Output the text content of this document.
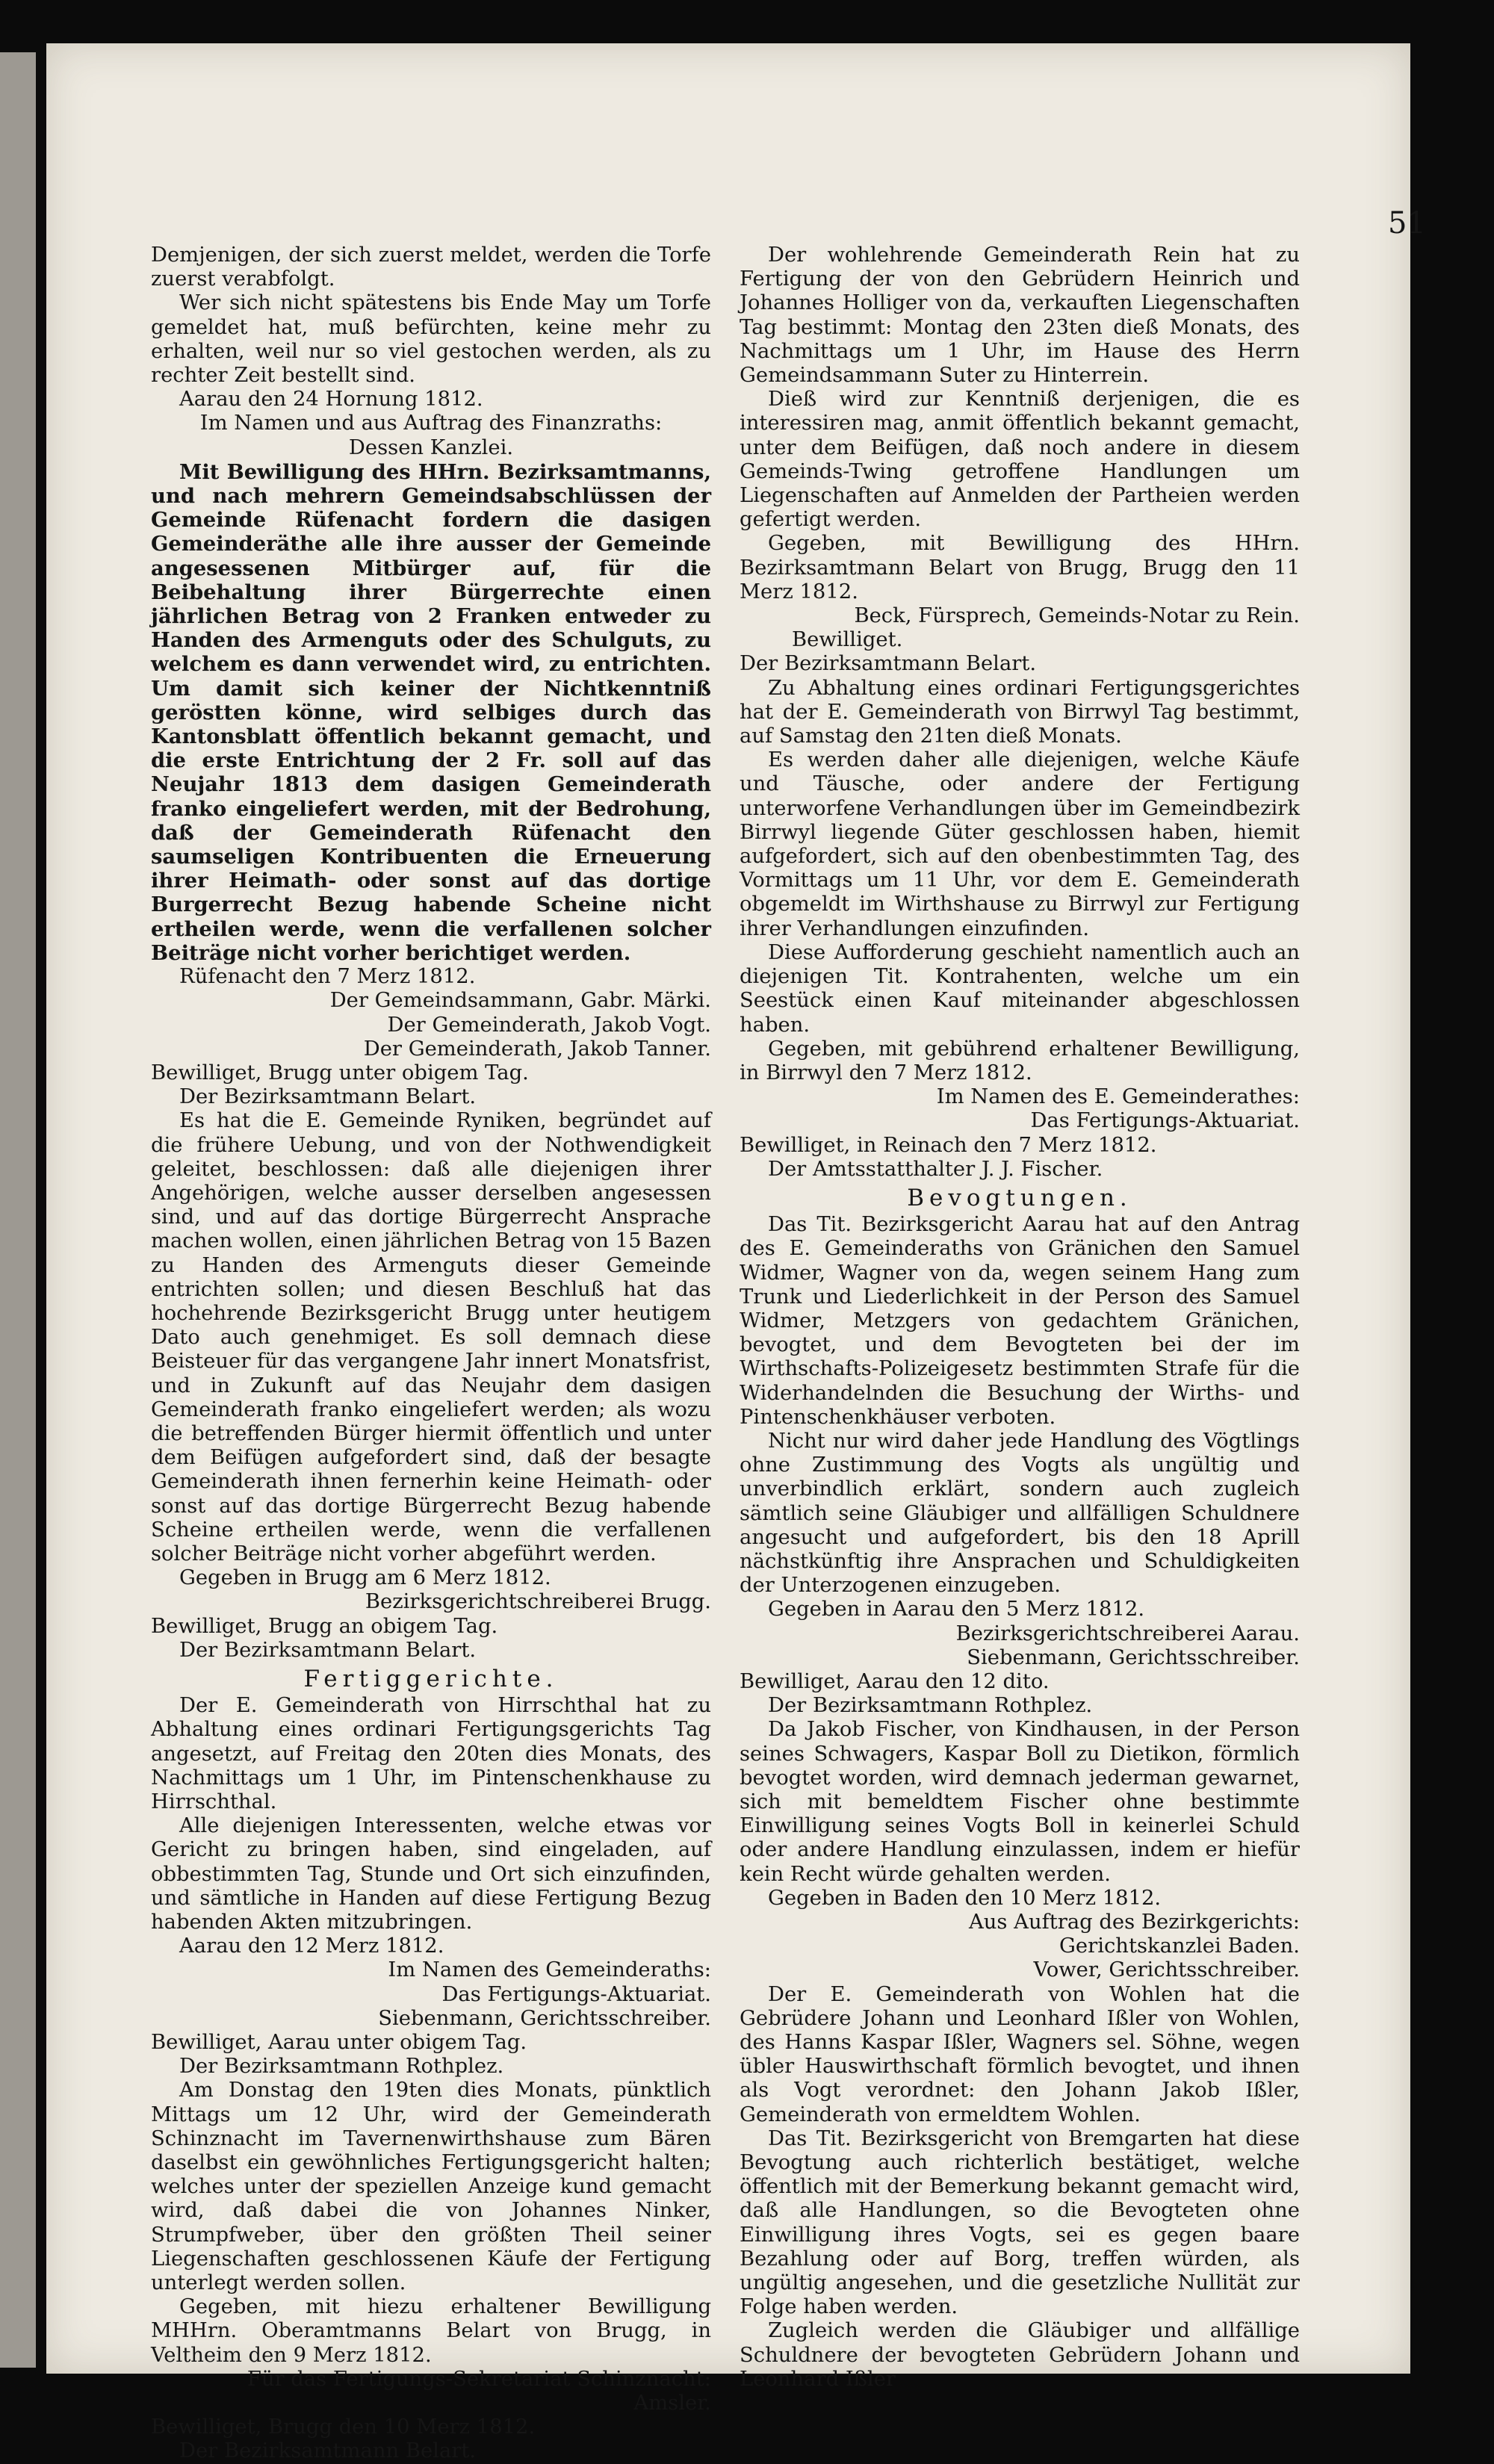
51

Demjenigen, der sich zuerst meldet, werden die Torfe zuerst verabfolgt.

Wer sich nicht spätestens bis Ende May um Torfe gemeldet hat, muß befürchten, keine mehr zu erhalten, weil nur so viel gestochen werden, als zu rechter Zeit bestellt sind.

Aarau den 24 Hornung 1812.

Im Namen und aus Auftrag des Finanzraths:

Dessen Kanzlei.

Mit Bewilligung des HHrn. Bezirksamtmanns, und nach mehrern Gemeindsabschlüssen der Gemeinde Rüfenacht fordern die dasigen Gemeinderäthe alle ihre ausser der Gemeinde angesessenen Mitbürger auf, für die Beibehaltung ihrer Bürgerrechte einen jährlichen Betrag von 2 Franken entweder zu Handen des Armenguts oder des Schulguts, zu welchem es dann verwendet wird, zu entrichten. Um damit sich keiner der Nichtkenntniß geröstten könne, wird selbiges durch das Kantonsblatt öffentlich bekannt gemacht, und die erste Entrichtung der 2 Fr. soll auf das Neujahr 1813 dem dasigen Gemeinderath franko eingeliefert werden, mit der Bedrohung, daß der Gemeinderath Rüfenacht den saumseligen Kontribuenten die Erneuerung ihrer Heimath- oder sonst auf das dortige Burgerrecht Bezug habende Scheine nicht ertheilen werde, wenn die verfallenen solcher Beiträge nicht vorher berichtiget werden.

Rüfenacht den 7 Merz 1812.

Der Gemeindsammann, Gabr. Märki.

Der Gemeinderath, Jakob Vogt.

Der Gemeinderath, Jakob Tanner.

Bewilliget, Brugg unter obigem Tag.

Der Bezirksamtmann Belart.

Es hat die E. Gemeinde Ryniken, begründet auf die frühere Uebung, und von der Nothwendigkeit geleitet, beschlossen: daß alle diejenigen ihrer Angehörigen, welche ausser derselben angesessen sind, und auf das dortige Bürgerrecht Ansprache machen wollen, einen jährlichen Betrag von 15 Bazen zu Handen des Armenguts dieser Gemeinde entrichten sollen; und diesen Beschluß hat das hochehrende Bezirksgericht Brugg unter heutigem Dato auch genehmiget. Es soll demnach diese Beisteuer für das vergangene Jahr innert Monatsfrist, und in Zukunft auf das Neujahr dem dasigen Gemeinderath franko eingeliefert werden; als wozu die betreffenden Bürger hiermit öffentlich und unter dem Beifügen aufgefordert sind, daß der besagte Gemeinderath ihnen fernerhin keine Heimath- oder sonst auf das dortige Bürgerrecht Bezug habende Scheine ertheilen werde, wenn die verfallenen solcher Beiträge nicht vorher abgeführt werden.

Gegeben in Brugg am 6 Merz 1812.

Bezirksgerichtschreiberei Brugg.

Bewilliget, Brugg an obigem Tag.

Der Bezirksamtmann Belart.

Fertiggerichte.

Der E. Gemeinderath von Hirrschthal hat zu Abhaltung eines ordinari Fertigungsgerichts Tag angesetzt, auf Freitag den 20ten dies Monats, des Nachmittags um 1 Uhr, im Pintenschenkhause zu Hirrschthal.

Alle diejenigen Interessenten, welche etwas vor Gericht zu bringen haben, sind eingeladen, auf obbestimmten Tag, Stunde und Ort sich einzufinden, und sämtliche in Handen auf diese Fertigung Bezug habenden Akten mitzubringen.

Aarau den 12 Merz 1812.

Im Namen des Gemeinderaths:

Das Fertigungs-Aktuariat.

Siebenmann, Gerichtsschreiber.

Bewilliget, Aarau unter obigem Tag.

Der Bezirksamtmann Rothplez.

Am Donstag den 19ten dies Monats, pünktlich Mittags um 12 Uhr, wird der Gemeinderath Schinznacht im Tavernenwirthshause zum Bären daselbst ein gewöhnliches Fertigungsgericht halten; welches unter der speziellen Anzeige kund gemacht wird, daß dabei die von Johannes Ninker, Strumpfweber, über den größten Theil seiner Liegenschaften geschlossenen Käufe der Fertigung unterlegt werden sollen.

Gegeben, mit hiezu erhaltener Bewilligung MHHrn. Oberamtmanns Belart von Brugg, in Veltheim den 9 Merz 1812.

Für das Fertigungs-Sekretariat Schinznacht:

Amsler.

Bewilliget, Brugg den 10 Merz 1812.

Der Bezirksamtmann Belart.

Der wohlehrende Gemeinderath Rein hat zu Fertigung der von den Gebrüdern Heinrich und Johannes Holliger von da, verkauften Liegenschaften Tag bestimmt: Montag den 23ten dieß Monats, des Nachmittags um 1 Uhr, im Hause des Herrn Gemeindsammann Suter zu Hinterrein.

Dieß wird zur Kenntniß derjenigen, die es interessiren mag, anmit öffentlich bekannt gemacht, unter dem Beifügen, daß noch andere in diesem Gemeinds-Twing getroffene Handlungen um Liegenschaften auf Anmelden der Partheien werden gefertigt werden.

Gegeben, mit Bewilligung des HHrn. Bezirksamtmann Belart von Brugg, Brugg den 11 Merz 1812.

Beck, Fürsprech, Gemeinds-Notar zu Rein.

Bewilliget.

Der Bezirksamtmann Belart.

Zu Abhaltung eines ordinari Fertigungsgerichtes hat der E. Gemeinderath von Birrwyl Tag bestimmt, auf Samstag den 21ten dieß Monats.

Es werden daher alle diejenigen, welche Käufe und Täusche, oder andere der Fertigung unterworfene Verhandlungen über im Gemeindbezirk Birrwyl liegende Güter geschlossen haben, hiemit aufgefordert, sich auf den obenbestimmten Tag, des Vormittags um 11 Uhr, vor dem E. Gemeinderath obgemeldt im Wirthshause zu Birrwyl zur Fertigung ihrer Verhandlungen einzufinden.

Diese Aufforderung geschieht namentlich auch an diejenigen Tit. Kontrahenten, welche um ein Seestück einen Kauf miteinander abgeschlossen haben.

Gegeben, mit gebührend erhaltener Bewilligung, in Birrwyl den 7 Merz 1812.

Im Namen des E. Gemeinderathes:

Das Fertigungs-Aktuariat.

Bewilliget, in Reinach den 7 Merz 1812.

Der Amtsstatthalter J. J. Fischer.

Bevogtungen.

Das Tit. Bezirksgericht Aarau hat auf den Antrag des E. Gemeinderaths von Gränichen den Samuel Widmer, Wagner von da, wegen seinem Hang zum Trunk und Liederlichkeit in der Person des Samuel Widmer, Metzgers von gedachtem Gränichen, bevogtet, und dem Bevogteten bei der im Wirthschafts-Polizeigesetz bestimmten Strafe für die Widerhandelnden die Besuchung der Wirths- und Pintenschenkhäuser verboten.

Nicht nur wird daher jede Handlung des Vögtlings ohne Zustimmung des Vogts als ungültig und unverbindlich erklärt, sondern auch zugleich sämtlich seine Gläubiger und allfälligen Schuldnere angesucht und aufgefordert, bis den 18 Aprill nächstkünftig ihre Ansprachen und Schuldigkeiten der Unterzogenen einzugeben.

Gegeben in Aarau den 5 Merz 1812.

Bezirksgerichtschreiberei Aarau.

Siebenmann, Gerichtsschreiber.

Bewilliget, Aarau den 12 dito.

Der Bezirksamtmann Rothplez.

Da Jakob Fischer, von Kindhausen, in der Person seines Schwagers, Kaspar Boll zu Dietikon, förmlich bevogtet worden, wird demnach jederman gewarnet, sich mit bemeldtem Fischer ohne bestimmte Einwilligung seines Vogts Boll in keinerlei Schuld oder andere Handlung einzulassen, indem er hiefür kein Recht würde gehalten werden.

Gegeben in Baden den 10 Merz 1812.

Aus Auftrag des Bezirkgerichts:

Gerichtskanzlei Baden.

Vower, Gerichtsschreiber.

Der E. Gemeinderath von Wohlen hat die Gebrüdere Johann und Leonhard Ißler von Wohlen, des Hanns Kaspar Ißler, Wagners sel. Söhne, wegen übler Hauswirthschaft förmlich bevogtet, und ihnen als Vogt verordnet: den Johann Jakob Ißler, Gemeinderath von ermeldtem Wohlen.

Das Tit. Bezirksgericht von Bremgarten hat diese Bevogtung auch richterlich bestätiget, welche öffentlich mit der Bemerkung bekannt gemacht wird, daß alle Handlungen, so die Bevogteten ohne Einwilligung ihres Vogts, sei es gegen baare Bezahlung oder auf Borg, treffen würden, als ungültig angesehen, und die gesetzliche Nullität zur Folge haben werden.

Zugleich werden die Gläubiger und allfällige Schuldnere der bevogteten Gebrüdern Johann und Leonhard Ißler
